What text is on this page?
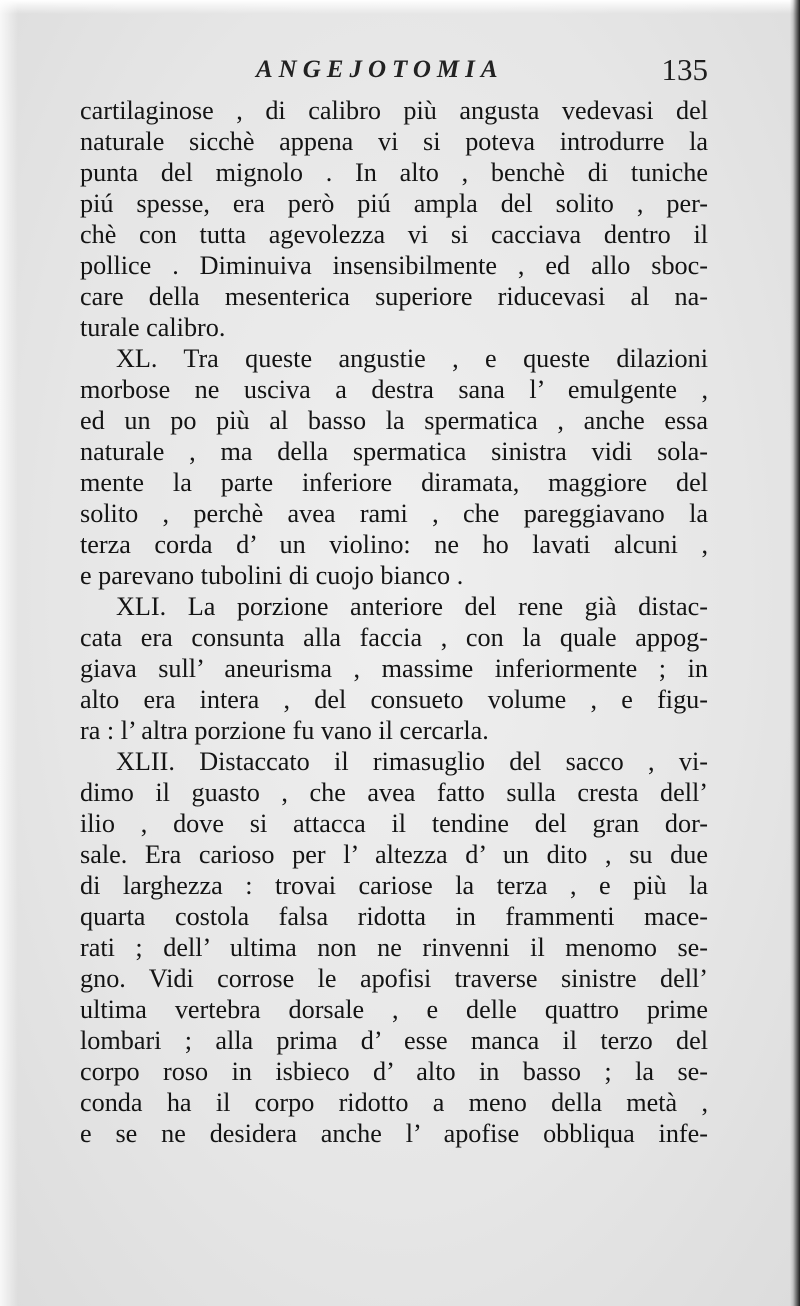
ANGEJOTOMIA	135
cartilaginose , di calibro più angusta vedevasi del
naturale sicchè appena vi si poteva introdurre la
punta del mignolo . In alto , benchè di tuniche
piú spesse, era però piú ampla del solito , per-
chè con tutta agevolezza vi si cacciava dentro il
pollice . Diminuiva insensibilmente , ed allo sboc-
care della mesenterica superiore riducevasi al na-
turale calibro.
XL. Tra queste angustie , e queste dilazioni
morbose ne usciva a destra sana l’ emulgente ,
ed un po più al basso la spermatica , anche essa
naturale , ma della spermatica sinistra vidi sola-
mente la parte inferiore diramata, maggiore del
solito , perchè avea rami , che pareggiavano la
terza corda d’ un violino: ne ho lavati alcuni ,
e parevano tubolini di cuojo bianco .
XLI. La porzione anteriore del rene già distac-
cata era consunta alla faccia , con la quale appog-
giava sull’ aneurisma , massime inferiormente ; in
alto era intera , del consueto volume , e figu-
ra : l’ altra porzione fu vano il cercarla.
XLII. Distaccato il rimasuglio del sacco , vi-
dimo il guasto , che avea fatto sulla cresta dell’
ilio , dove si attacca il tendine del gran dor-
sale. Era carioso per l’ altezza d’ un dito , su due
di larghezza : trovai cariose la terza , e più la
quarta costola falsa ridotta in frammenti mace-
rati ; dell’ ultima non ne rinvenni il menomo se-
gno. Vidi corrose le apofisi traverse sinistre dell’
ultima vertebra dorsale , e delle quattro prime
lombari ; alla prima d’ esse manca il terzo del
corpo roso in isbieco d’ alto in basso ; la se-
conda ha il corpo ridotto a meno della metà ,
e se ne desidera anche l’ apofise obbliqua infe-
